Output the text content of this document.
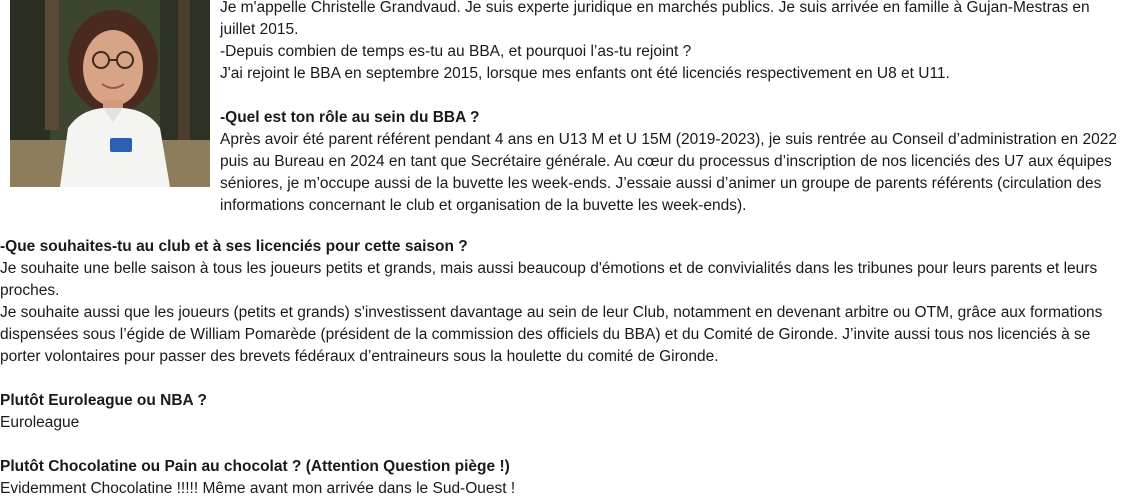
Je m'appelle Christelle Grandvaud. Je suis experte juridique en marchés publics. Je suis arrivée en famille à Gujan-Mestras en juillet 2015.

-Depuis combien de temps es-tu au BBA, et pourquoi l’as-tu rejoint ?

J'ai rejoint le BBA en septembre 2015, lorsque mes enfants ont été licenciés respectivement en U8 et U11.

-Quel est ton rôle au sein du BBA ?

Après avoir été parent référent pendant 4 ans en U13 M et U 15M (2019-2023), je suis rentrée au Conseil d’administration en 2022 puis au Bureau en 2024 en tant que Secrétaire générale. Au cœur du processus d’inscription de nos licenciés des U7 aux équipes séniores, je m’occupe aussi de la buvette les week-ends. J’essaie aussi d’animer un groupe de parents référents (circulation des informations concernant le club et organisation de la buvette les week-ends).

-Que souhaites-tu au club et à ses licenciés pour cette saison ?

Je souhaite une belle saison à tous les joueurs petits et grands, mais aussi beaucoup d'émotions et de convivialités dans les tribunes pour leurs parents et leurs proches.

Je souhaite aussi que les joueurs (petits et grands) s'investissent davantage au sein de leur Club, notamment en devenant arbitre ou OTM, grâce aux formations dispensées sous l’égide de William Pomarède (président de la commission des officiels du BBA) et du Comité de Gironde. J’invite aussi tous nos licenciés à se porter volontaires pour passer des brevets fédéraux d’entraineurs sous la houlette du comité de Gironde.

Plutôt Euroleague ou NBA ?

Euroleague

Plutôt Chocolatine ou Pain au chocolat ? (Attention Question piège !)

Evidemment Chocolatine !!!!! Même avant mon arrivée dans le Sud-Ouest !
